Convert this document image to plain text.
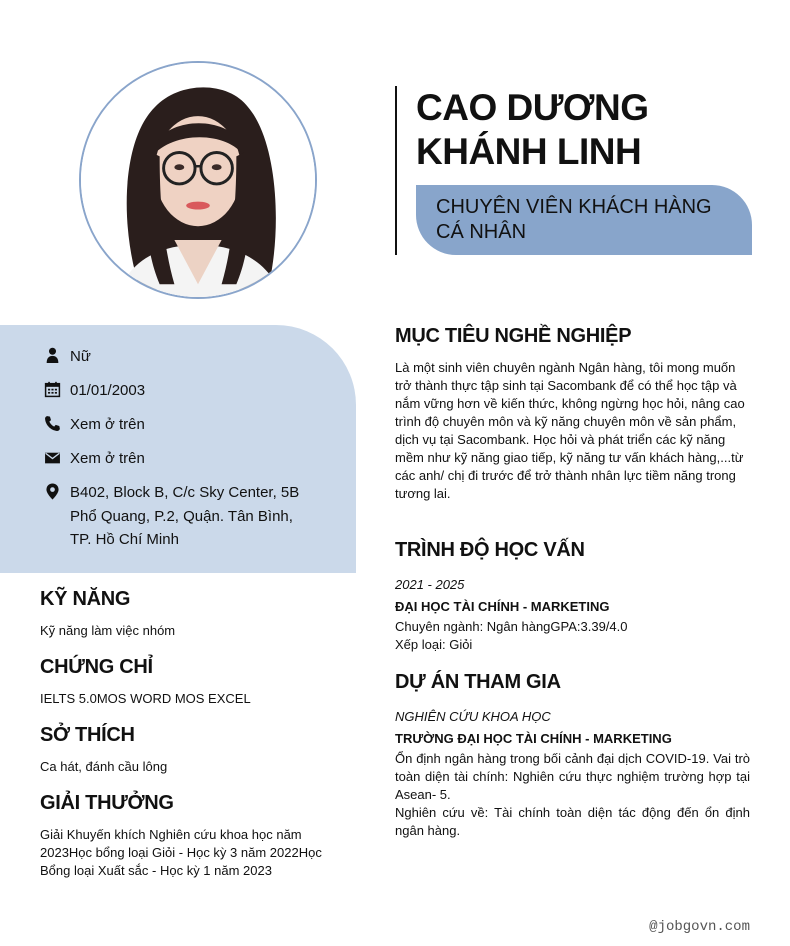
CAO DƯƠNG
KHÁNH LINH
CHUYÊN VIÊN KHÁCH HÀNG
CÁ NHÂN
Nữ
01/01/2003
Xem ở trên
Xem ở trên
B402, Block B, C/c Sky Center, 5B
Phổ Quang, P.2, Quận. Tân Bình,
TP. Hồ Chí Minh
KỸ NĂNG
Kỹ năng làm việc nhóm
CHỨNG CHỈ
IELTS 5.0MOS WORD MOS EXCEL
SỞ THÍCH
Ca hát, đánh cầu lông
GIẢI THƯỞNG
Giải Khuyến khích Nghiên cứu khoa học năm
2023Học bổng loại Giỏi - Học kỳ 3 năm 2022Học
Bổng loại Xuất sắc - Học kỳ 1 năm 2023
MỤC TIÊU NGHỀ NGHIỆP
Là một sinh viên chuyên ngành Ngân hàng, tôi mong muốn trở thành thực tập sinh tại Sacombank để có thể học tập và nắm vững hơn về kiến thức, không ngừng học hỏi, nâng cao trình độ chuyên môn và kỹ năng chuyên môn về sản phẩm, dịch vụ tại Sacombank. Học hỏi và phát triển các kỹ năng mềm như kỹ năng giao tiếp, kỹ năng tư vấn khách hàng,...từ các anh/ chị đi trước để trở thành nhân lực tiềm năng trong tương lai.
TRÌNH ĐỘ HỌC VẤN
2021 - 2025
ĐẠI HỌC TÀI CHÍNH - MARKETING
Chuyên ngành: Ngân hàngGPA:3.39/4.0
Xếp loại: Giỏi
DỰ ÁN THAM GIA
NGHIÊN CỨU KHOA HỌC
TRƯỜNG ĐẠI HỌC TÀI CHÍNH - MARKETING
Ổn định ngân hàng trong bối cảnh đại dịch COVID-19. Vai trò toàn diện tài chính: Nghiên cứu thực nghiệm trường hợp tại Asean- 5.
Nghiên cứu về: Tài chính toàn diện tác động đến ổn định ngân hàng.
@jobgovn.com
